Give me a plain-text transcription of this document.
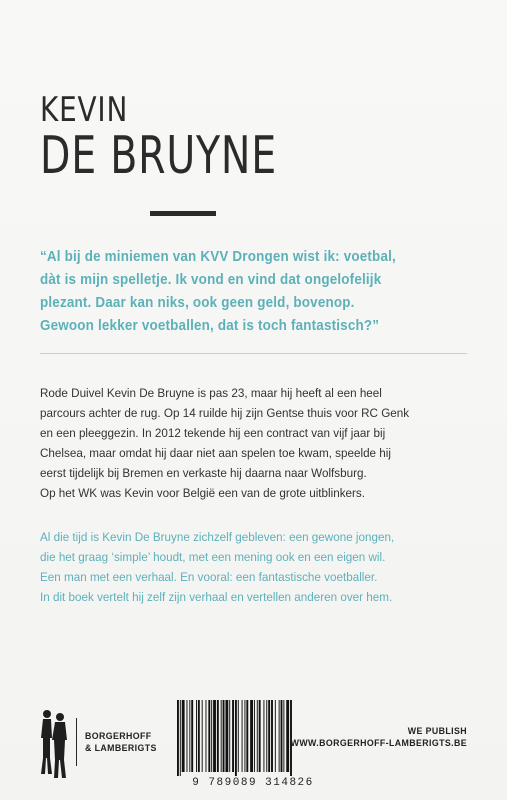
KEVIN
DE BRUYNE
“Al bij de miniemen van KVV Drongen wist ik: voetbal,
dàt is mijn spelletje. Ik vond en vind dat ongelofelijk
plezant. Daar kan niks, ook geen geld, bovenop.
Gewoon lekker voetballen, dat is toch fantastisch?”
Rode Duivel Kevin De Bruyne is pas 23, maar hij heeft al een heel
parcours achter de rug. Op 14 ruilde hij zijn Gentse thuis voor RC Genk
en een pleeggezin. In 2012 tekende hij een contract van vijf jaar bij
Chelsea, maar omdat hij daar niet aan spelen toe kwam, speelde hij
eerst tijdelijk bij Bremen en verkaste hij daarna naar Wolfsburg.
Op het WK was Kevin voor België een van de grote uitblinkers.
Al die tijd is Kevin De Bruyne zichzelf gebleven: een gewone jongen,
die het graag ‘simple’ houdt, met een mening ook en een eigen wil.
Een man met een verhaal. En vooral: een fantastische voetballer.
In dit boek vertelt hij zelf zijn verhaal en vertellen anderen over hem.
BORGERHOFF
& LAMBERIGTS
9 789089 314826
WE PUBLISH
WWW.BORGERHOFF-LAMBERIGTS.BE
